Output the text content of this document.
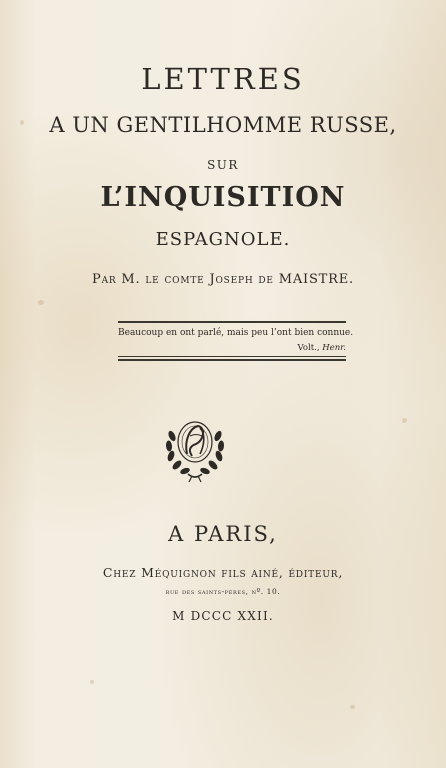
LETTRES
A UN GENTILHOMME RUSSE,
SUR
L’INQUISITION
ESPAGNOLE.
Par M. le comte Joseph de MAISTRE.
Beaucoup en ont parlé, mais peu l’ont bien connue.
Volt., Henr.
A PARIS,
Chez Méquignon fils ainé, éditeur,
rue des saints-pères, nº. 10.
M DCCC XXII.
